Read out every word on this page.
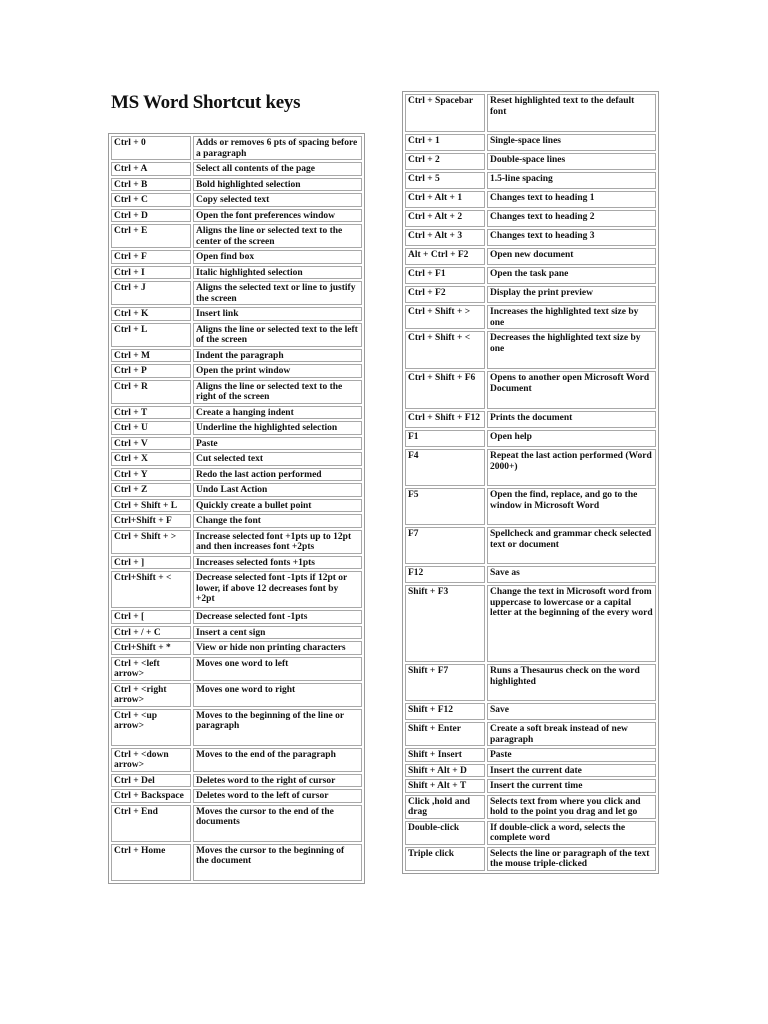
MS Word Shortcut keys
Ctrl + 0	Adds or removes 6 pts of spacing before a paragraph
Ctrl + A	Select all contents of the page
Ctrl + B	Bold highlighted selection
Ctrl + C	Copy selected text
Ctrl + D	Open the font preferences window
Ctrl + E	Aligns the line or selected text to the center of the screen
Ctrl + F	Open find box
Ctrl + I	Italic highlighted selection
Ctrl + J	Aligns the selected text or line to justify the screen
Ctrl + K	Insert link
Ctrl + L	Aligns the line or selected text to the left of the screen
Ctrl + M	Indent the paragraph
Ctrl + P	Open the print window
Ctrl + R	Aligns the line or selected text to the right of the screen
Ctrl + T	Create a hanging indent
Ctrl + U	Underline the highlighted selection
Ctrl + V	Paste
Ctrl + X	Cut selected text
Ctrl + Y	Redo the last action performed
Ctrl + Z	Undo Last Action
Ctrl + Shift + L	Quickly create a bullet point
Ctrl+Shift + F	Change the font
Ctrl + Shift + >	Increase selected font +1pts up to 12pt and then increases font +2pts
Ctrl + ]	Increases selected fonts +1pts
Ctrl+Shift + <	Decrease selected font -1pts if 12pt or lower, if above 12 decreases font by +2pt
Ctrl + [	Decrease selected font -1pts
Ctrl + / + C	Insert a cent sign
Ctrl+Shift + *	View or hide non printing characters
Ctrl + <left arrow>	Moves one word to left
Ctrl + <right arrow>	Moves one word to right
Ctrl + <up arrow>	Moves to the beginning of the line or paragraph
Ctrl + <down arrow>	Moves to the end of the paragraph
Ctrl + Del	Deletes word to the right of cursor
Ctrl + Backspace	Deletes word to the left of cursor
Ctrl + End	Moves the cursor to the end of the documents
Ctrl + Home	Moves the cursor to the beginning of the document
Ctrl + Spacebar	Reset highlighted text to the default font
Ctrl + 1	Single-space lines
Ctrl + 2	Double-space lines
Ctrl + 5	1.5-line spacing
Ctrl + Alt + 1	Changes text to heading 1
Ctrl + Alt + 2	Changes text to heading 2
Ctrl + Alt + 3	Changes text to heading 3
Alt + Ctrl + F2	Open new document
Ctrl + F1	Open the task pane
Ctrl + F2	Display the print preview
Ctrl + Shift + >	Increases the highlighted text size by one
Ctrl + Shift + <	Decreases the highlighted text size by one
Ctrl + Shift + F6	Opens to another open Microsoft Word Document
Ctrl + Shift + F12	Prints the document
F1	Open help
F4	Repeat the last action performed (Word 2000+)
F5	Open the find, replace, and go to the window in Microsoft Word
F7	Spellcheck and grammar check selected text or document
F12	Save as
Shift + F3	Change the text in Microsoft word from uppercase to lowercase or a capital letter at the beginning of the every word
Shift + F7	Runs a Thesaurus check on the word highlighted
Shift + F12	Save
Shift + Enter	Create a soft break instead of new paragraph
Shift + Insert	Paste
Shift + Alt + D	Insert the current date
Shift + Alt + T	Insert the current time
Click ,hold and drag	Selects text from where you click and hold to the point you drag and let go
Double-click	If double-click a word, selects the complete word
Triple click	Selects the line or paragraph of the text the mouse triple-clicked
